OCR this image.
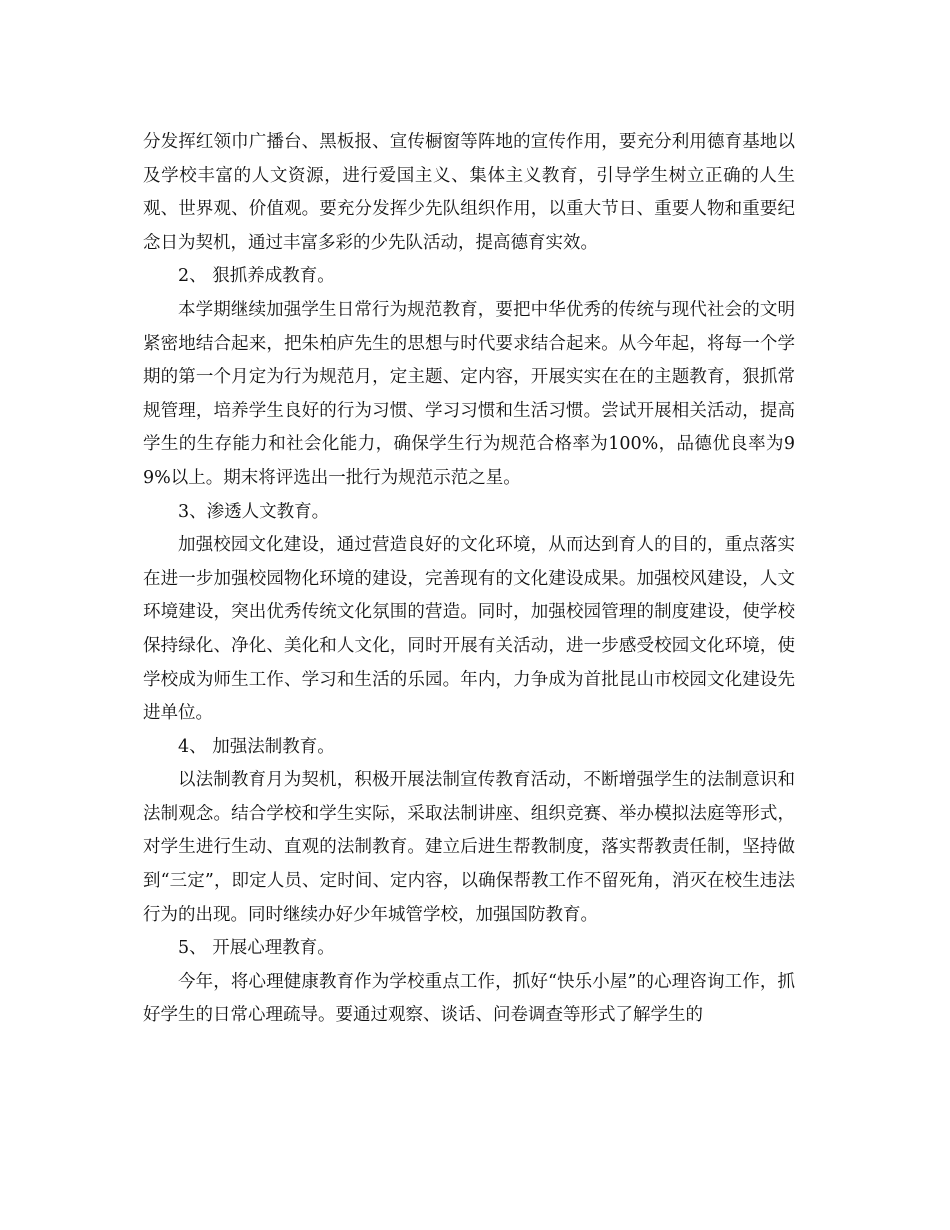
分发挥红领巾广播台、黑板报、宣传橱窗等阵地的宣传作用，要充分利用德育基地以及学校丰富的人文资源，进行爱国主义、集体主义教育，引导学生树立正确的人生观、世界观、价值观。要充分发挥少先队组织作用，以重大节日、重要人物和重要纪念日为契机，通过丰富多彩的少先队活动，提高德育实效。

2、 狠抓养成教育。

本学期继续加强学生日常行为规范教育，要把中华优秀的传统与现代社会的文明紧密地结合起来，把朱柏庐先生的思想与时代要求结合起来。从今年起，将每一个学期的第一个月定为行为规范月，定主题、定内容，开展实实在在的主题教育，狠抓常规管理，培养学生良好的行为习惯、学习习惯和生活习惯。尝试开展相关活动，提高学生的生存能力和社会化能力，确保学生行为规范合格率为100%，品德优良率为99%以上。期末将评选出一批行为规范示范之星。

3、渗透人文教育。

加强校园文化建设，通过营造良好的文化环境，从而达到育人的目的，重点落实在进一步加强校园物化环境的建设，完善现有的文化建设成果。加强校风建设，人文环境建设，突出优秀传统文化氛围的营造。同时，加强校园管理的制度建设，使学校保持绿化、净化、美化和人文化，同时开展有关活动，进一步感受校园文化环境，使学校成为师生工作、学习和生活的乐园。年内，力争成为首批昆山市校园文化建设先进单位。

4、 加强法制教育。

以法制教育月为契机，积极开展法制宣传教育活动，不断增强学生的法制意识和法制观念。结合学校和学生实际，采取法制讲座、组织竞赛、举办模拟法庭等形式，对学生进行生动、直观的法制教育。建立后进生帮教制度，落实帮教责任制，坚持做到“三定”，即定人员、定时间、定内容，以确保帮教工作不留死角，消灭在校生违法行为的出现。同时继续办好少年城管学校，加强国防教育。

5、 开展心理教育。

今年，将心理健康教育作为学校重点工作，抓好“快乐小屋”的心理咨询工作，抓好学生的日常心理疏导。要通过观察、谈话、问卷调查等形式了解学生的
